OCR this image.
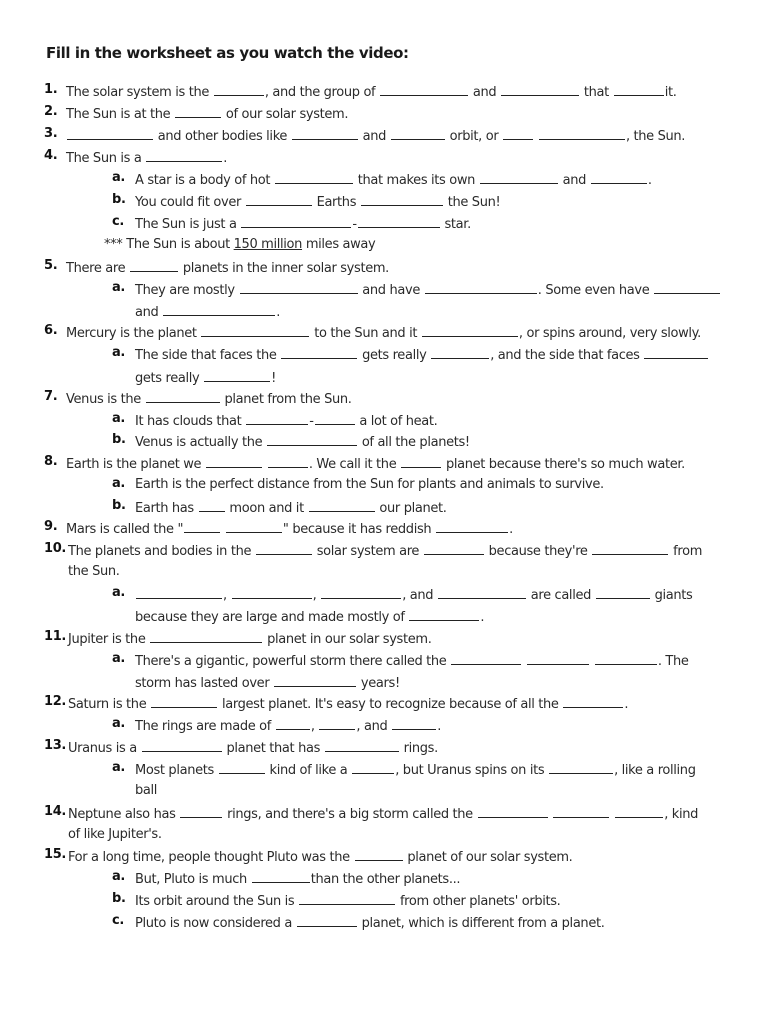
Fill in the worksheet as you watch the video:
1. The solar system is the	, and the group of	and	that	it.
2. The Sun is at the	of our solar system.
3.	and other bodies like	and	orbit, or	, the Sun.
4. The Sun is a	.
a. A star is a body of hot	that makes its own	and	.
b. You could fit over	Earths	the Sun!
c. The Sun is just a	-	star.
*** The Sun is about 150 million miles away
5. There are	planets in the inner solar system.
a. They are mostly	and have	. Some even have
and	.
6. Mercury is the planet	to the Sun and it	, or spins around, very slowly.
a. The side that faces the	gets really	, and the side that faces
gets really	!
7. Venus is the	planet from the Sun.
a. It has clouds that	-	a lot of heat.
b. Venus is actually the	of all the planets!
8. Earth is the planet we	. We call it the	planet because there's so much water.
a. Earth is the perfect distance from the Sun for plants and animals to survive.
b. Earth has	moon and it	our planet.
9. Mars is called the "	" because it has reddish	.
10. The planets and bodies in the	solar system are	because they're	from
the Sun.
a.	,	,	, and	are called	giants
because they are large and made mostly of	.
11. Jupiter is the	planet in our solar system.
a. There's a gigantic, powerful storm there called the	. The
storm has lasted over	years!
12. Saturn is the	largest planet. It's easy to recognize because of all the	.
a. The rings are made of	,	, and	.
13. Uranus is a	planet that has	rings.
a. Most planets	kind of like a	, but Uranus spins on its	, like a rolling
ball
14. Neptune also has	rings, and there's a big storm called the	, kind
of like Jupiter's.
15. For a long time, people thought Pluto was the	planet of our solar system.
a. But, Pluto is much	than the other planets...
b. Its orbit around the Sun is	from other planets' orbits.
c. Pluto is now considered a	planet, which is different from a planet.
